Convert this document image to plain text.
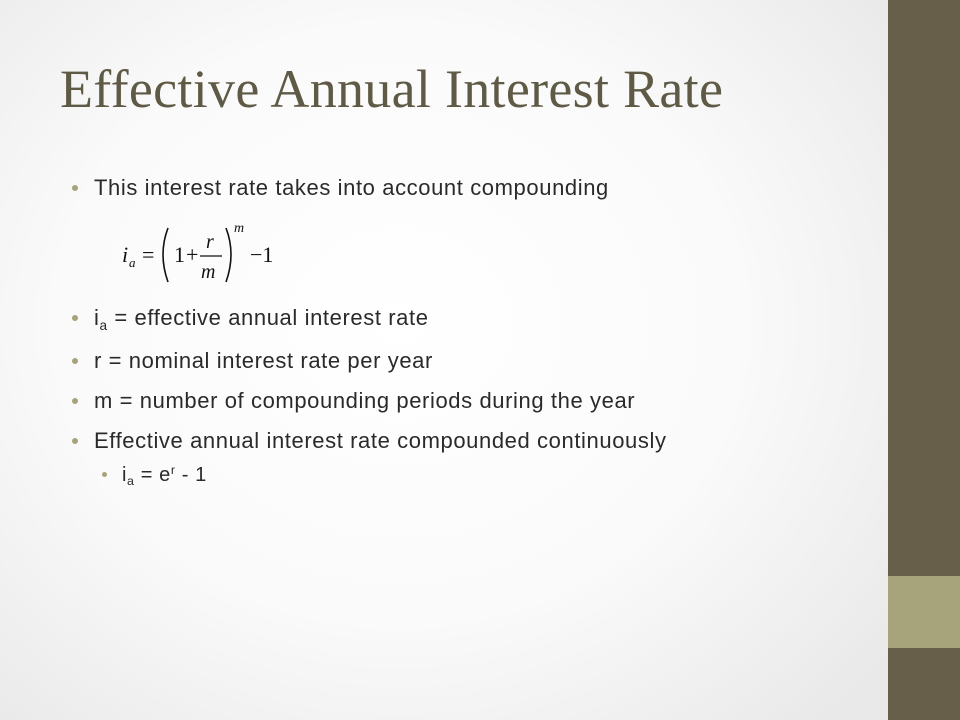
Effective Annual Interest Rate
This interest rate takes into account compounding
i a = 1 + r
m
m
−1
$i_a$ = effective annual interest rate
r = nominal interest rate per year
m = number of compounding periods during the year
Effective annual interest rate compounded continuously
$i_a = e^r - 1$
